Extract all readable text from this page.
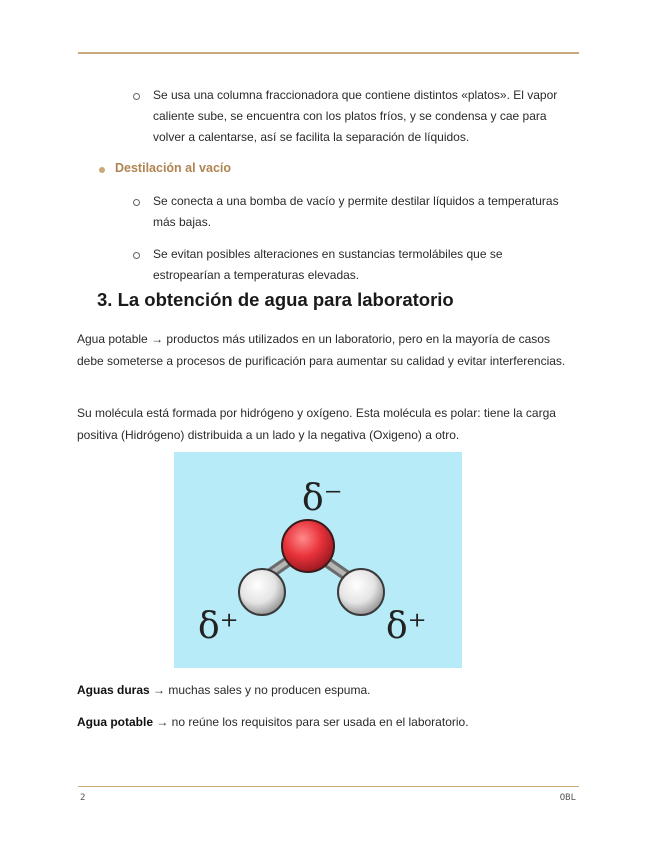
Se usa una columna fraccionadora que contiene distintos «platos». El vapor caliente sube, se encuentra con los platos fríos, y se condensa y cae para volver a calentarse, así se facilita la separación de líquidos.

Destilación al vacío

Se conecta a una bomba de vacío y permite destilar líquidos a temperaturas más bajas.

Se evitan posibles alteraciones en sustancias termolábiles que se estropearían a temperaturas elevadas.

3. La obtención de agua para laboratorio

Agua potable → productos más utilizados en un laboratorio, pero en la mayoría de casos debe someterse a procesos de purificación para aumentar su calidad y evitar interferencias.

Su molécula está formada por hidrógeno y oxígeno. Esta molécula es polar: tiene la carga positiva (Hidrógeno) distribuida a un lado y la negativa (Oxigeno) a otro.

δ⁻
δ⁺	δ⁺

Aguas duras → muchas sales y no producen espuma.

Agua potable → no reúne los requisitos para ser usada en el laboratorio.

2	OBL
